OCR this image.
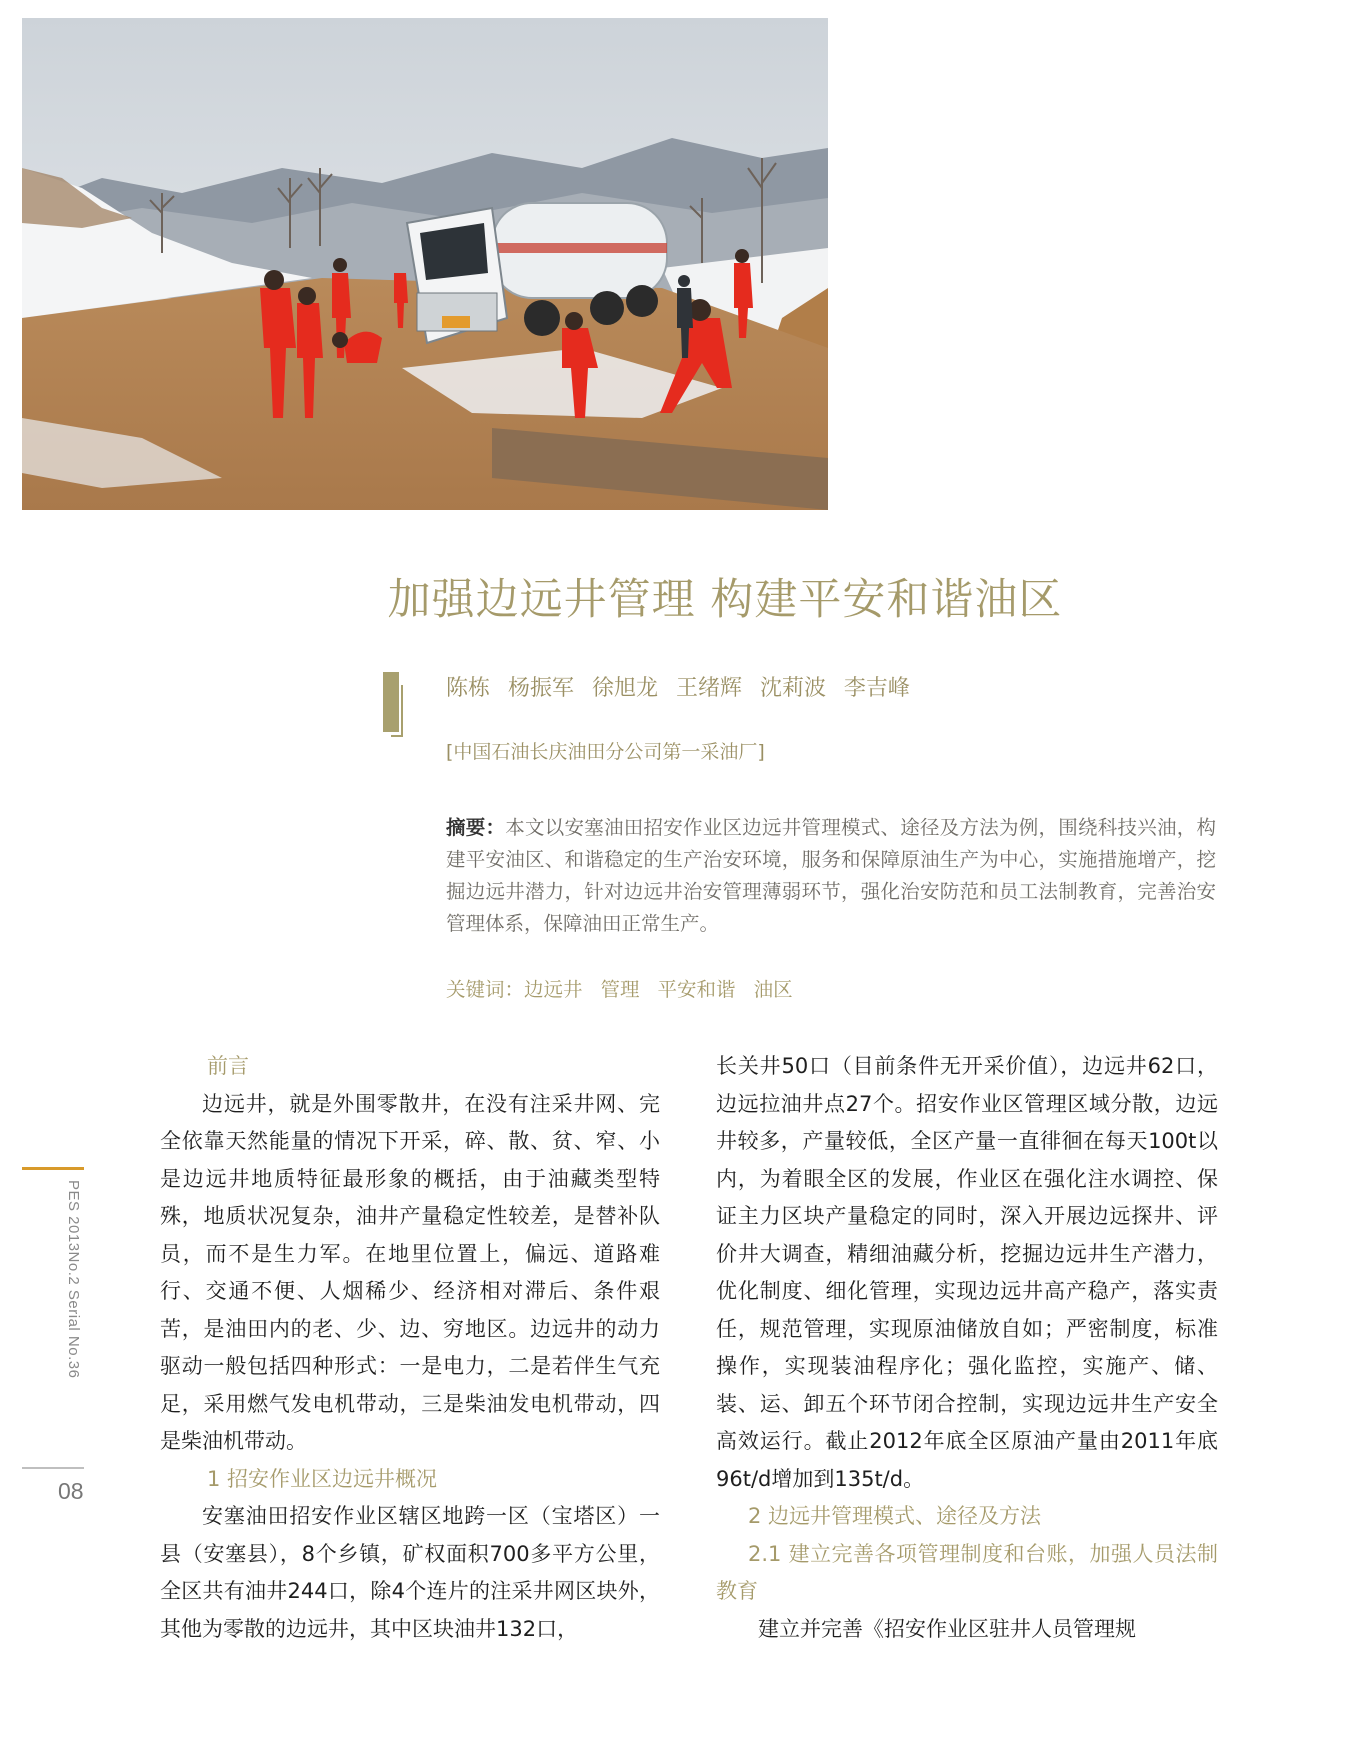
加强边远井管理 构建平安和谐油区
陈栋  杨振军  徐旭龙  王绪辉  沈莉波  李吉峰
[中国石油长庆油田分公司第一采油厂]
摘要：本文以安塞油田招安作业区边远井管理模式、途径及方法为例，围绕科技兴油，构建平安油区、和谐稳定的生产治安环境，服务和保障原油生产为中心，实施措施增产，挖掘边远井潜力，针对边远井治安管理薄弱环节，强化治安防范和员工法制教育，完善治安管理体系，保障油田正常生产。
关键词：边远井 管理 平安和谐 油区
PES 2013No.2 Serial No.36
08

前言

边远井，就是外围零散井，在没有注采井网、完全依靠天然能量的情况下开采，碎、散、贫、窄、小是边远井地质特征最形象的概括，由于油藏类型特殊，地质状况复杂，油井产量稳定性较差，是替补队员，而不是生力军。在地里位置上，偏远、道路难行、交通不便、人烟稀少、经济相对滞后、条件艰苦，是油田内的老、少、边、穷地区。边远井的动力驱动一般包括四种形式：一是电力，二是若伴生气充足，采用燃气发电机带动，三是柴油发电机带动，四是柴油机带动。

1 招安作业区边远井概况

安塞油田招安作业区辖区地跨一区（宝塔区）一县（安塞县），8个乡镇，矿权面积700多平方公里，全区共有油井244口，除4个连片的注采井网区块外，其他为零散的边远井，其中区块油井132口，

长关井50口（目前条件无开采价值），边远井62口，边远拉油井点27个。招安作业区管理区域分散，边远井较多，产量较低，全区产量一直徘徊在每天100t以内，为着眼全区的发展，作业区在强化注水调控、保证主力区块产量稳定的同时，深入开展边远探井、评价井大调查，精细油藏分析，挖掘边远井生产潜力，优化制度、细化管理，实现边远井高产稳产，落实责任，规范管理，实现原油储放自如；严密制度，标准操作，实现装油程序化；强化监控，实施产、储、装、运、卸五个环节闭合控制，实现边远井生产安全高效运行。截止2012年底全区原油产量由2011年底96t/d增加到135t/d。

2 边远井管理模式、途径及方法

2.1 建立完善各项管理制度和台账，加强人员法制教育

建立并完善《招安作业区驻井人员管理规
